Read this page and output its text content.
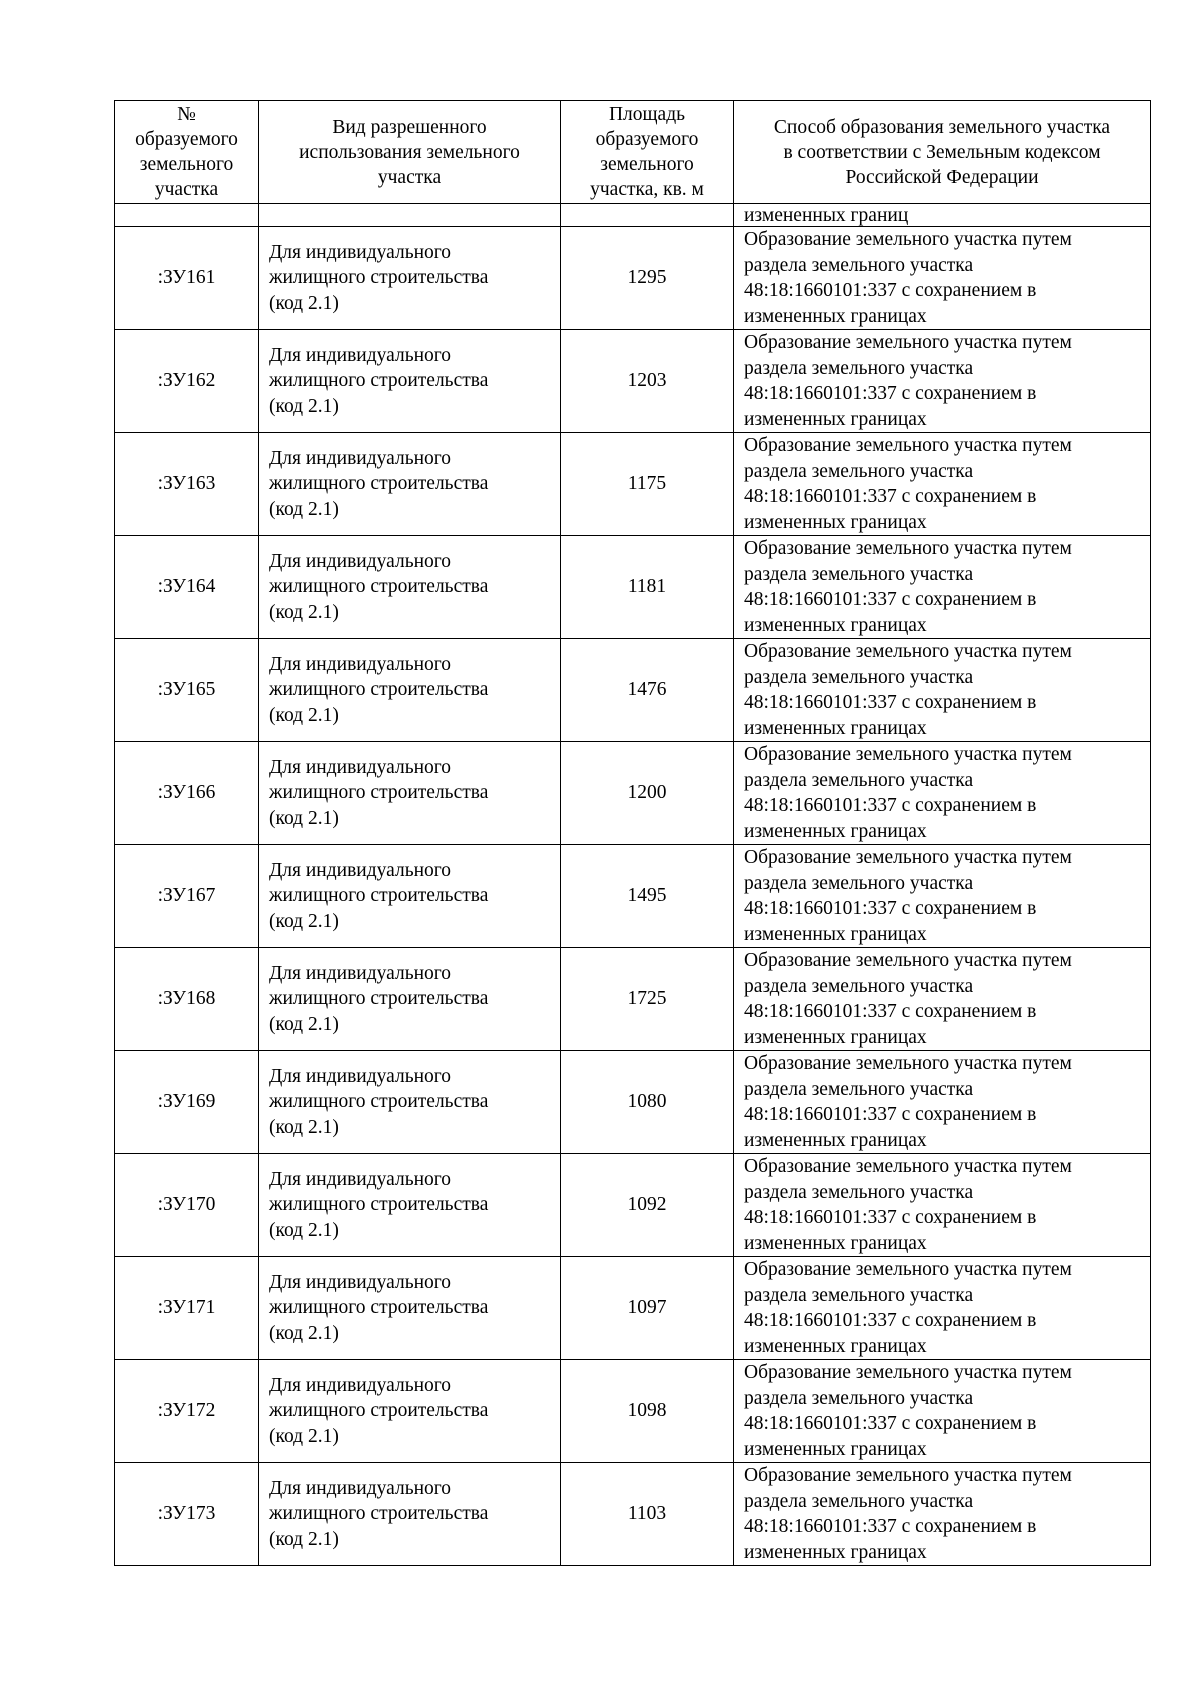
№
образуемого
земельного
участка	Вид разрешенного
использования земельного
участка	Площадь
образуемого
земельного
участка, кв. м	Способ образования земельного участка
в соответствии с Земельным кодексом
Российской Федерации

			измененных границ
:ЗУ161	Для индивидуального
жилищного строительства
(код 2.1)	1295	Образование земельного участка путем
раздела земельного участка
48:18:1660101:337 с сохранением в
измененных границах

:ЗУ162	Для индивидуального
жилищного строительства
(код 2.1)	1203	Образование земельного участка путем
раздела земельного участка
48:18:1660101:337 с сохранением в
измененных границах

:ЗУ163	Для индивидуального
жилищного строительства
(код 2.1)	1175	Образование земельного участка путем
раздела земельного участка
48:18:1660101:337 с сохранением в
измененных границах

:ЗУ164	Для индивидуального
жилищного строительства
(код 2.1)	1181	Образование земельного участка путем
раздела земельного участка
48:18:1660101:337 с сохранением в
измененных границах

:ЗУ165	Для индивидуального
жилищного строительства
(код 2.1)	1476	Образование земельного участка путем
раздела земельного участка
48:18:1660101:337 с сохранением в
измененных границах

:ЗУ166	Для индивидуального
жилищного строительства
(код 2.1)	1200	Образование земельного участка путем
раздела земельного участка
48:18:1660101:337 с сохранением в
измененных границах

:ЗУ167	Для индивидуального
жилищного строительства
(код 2.1)	1495	Образование земельного участка путем
раздела земельного участка
48:18:1660101:337 с сохранением в
измененных границах

:ЗУ168	Для индивидуального
жилищного строительства
(код 2.1)	1725	Образование земельного участка путем
раздела земельного участка
48:18:1660101:337 с сохранением в
измененных границах

:ЗУ169	Для индивидуального
жилищного строительства
(код 2.1)	1080	Образование земельного участка путем
раздела земельного участка
48:18:1660101:337 с сохранением в
измененных границах

:ЗУ170	Для индивидуального
жилищного строительства
(код 2.1)	1092	Образование земельного участка путем
раздела земельного участка
48:18:1660101:337 с сохранением в
измененных границах

:ЗУ171	Для индивидуального
жилищного строительства
(код 2.1)	1097	Образование земельного участка путем
раздела земельного участка
48:18:1660101:337 с сохранением в
измененных границах

:ЗУ172	Для индивидуального
жилищного строительства
(код 2.1)	1098	Образование земельного участка путем
раздела земельного участка
48:18:1660101:337 с сохранением в
измененных границах

:ЗУ173	Для индивидуального
жилищного строительства
(код 2.1)	1103	Образование земельного участка путем
раздела земельного участка
48:18:1660101:337 с сохранением в
измененных границах
